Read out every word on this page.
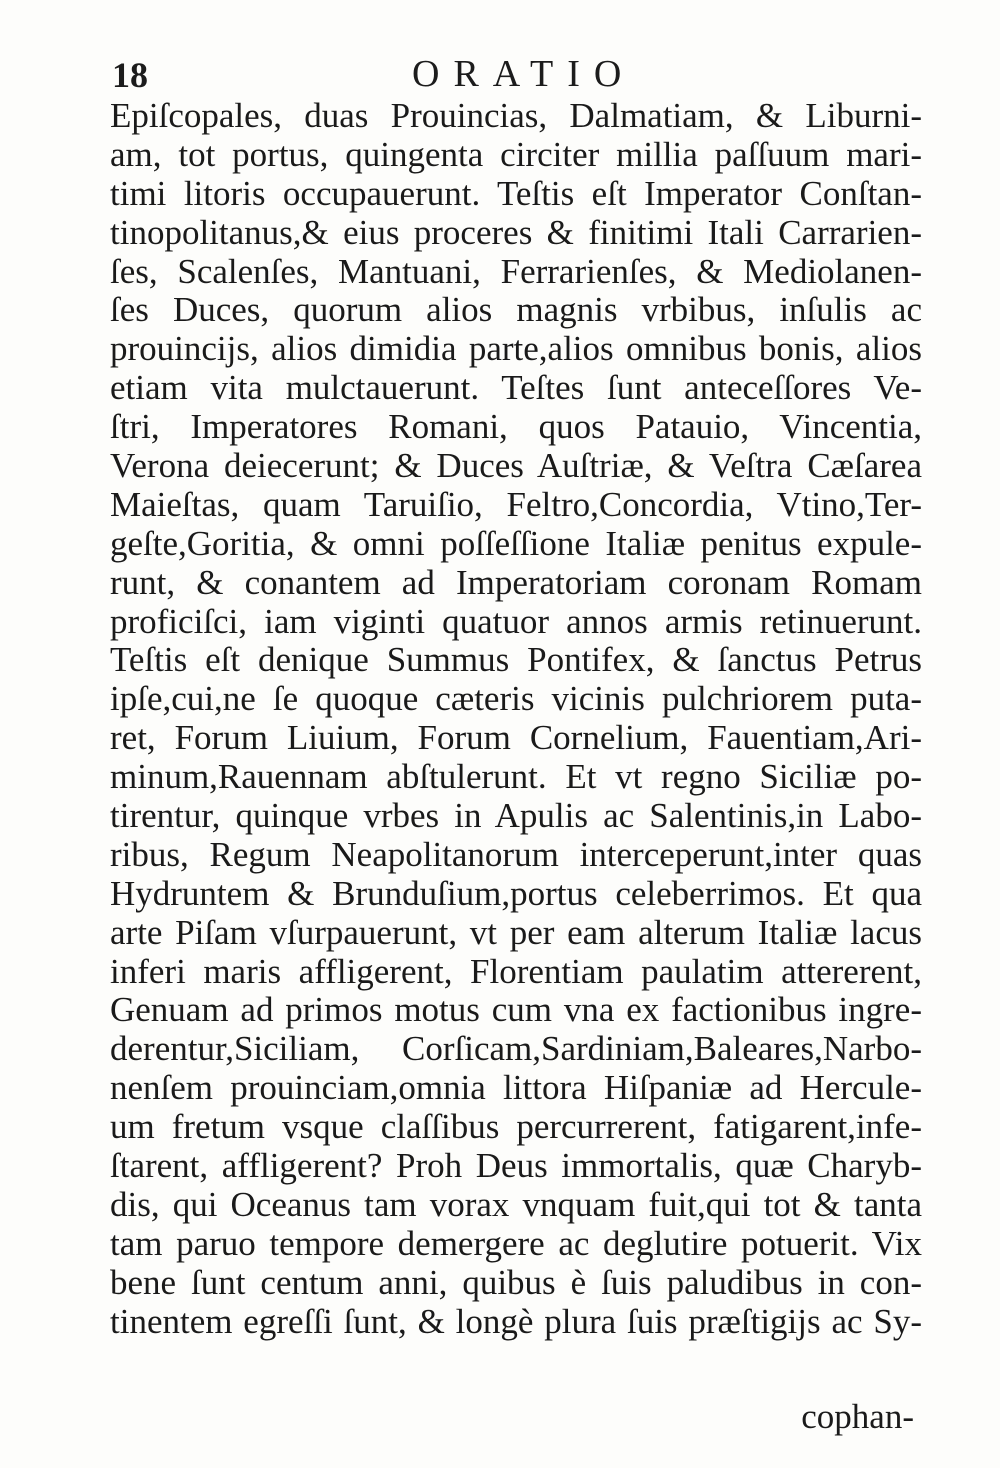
18	ORATIO
Epiſcopales, duas Prouincias, Dalmatiam, & Liburni-
am, tot portus, quingenta circiter millia paſſuum mari-
timi litoris occupauerunt. Teſtis eſt Imperator Conſtan-
tinopolitanus,& eius proceres & finitimi Itali Carrarien-
ſes, Scalenſes, Mantuani, Ferrarienſes, & Mediolanen-
ſes Duces, quorum alios magnis vrbibus, inſulis ac
prouincijs, alios dimidia parte,alios omnibus bonis, alios
etiam vita mulctauerunt. Teſtes ſunt anteceſſores Ve-
ſtri, Imperatores Romani, quos Patauio, Vincentia,
Verona deiecerunt; & Duces Auſtriæ, & Veſtra Cæſarea
Maieſtas, quam Taruiſio, Feltro,Concordia, Vtino,Ter-
geſte,Goritia, & omni poſſeſſione Italiæ penitus expule-
runt, & conantem ad Imperatoriam coronam Romam
proficiſci, iam viginti quatuor annos armis retinuerunt.
Teſtis eſt denique Summus Pontifex, & ſanctus Petrus
ipſe,cui,ne ſe quoque cæteris vicinis pulchriorem puta-
ret, Forum Liuium, Forum Cornelium, Fauentiam,Ari-
minum,Rauennam abſtulerunt. Et vt regno Siciliæ po-
tirentur, quinque vrbes in Apulis ac Salentinis,in Labo-
ribus, Regum Neapolitanorum interceperunt,inter quas
Hydruntem & Brunduſium,portus celeberrimos. Et qua
arte Piſam vſurpauerunt, vt per eam alterum Italiæ lacus
inferi maris affligerent, Florentiam paulatim attererent,
Genuam ad primos motus cum vna ex factionibus ingre-
derentur,Siciliam, Corſicam,Sardiniam,Baleares,Narbo-
nenſem prouinciam,omnia littora Hiſpaniæ ad Hercule-
um fretum vsque claſſibus percurrerent, fatigarent,infe-
ſtarent, affligerent? Proh Deus immortalis, quæ Charyb-
dis, qui Oceanus tam vorax vnquam fuit,qui tot & tanta
tam paruo tempore demergere ac deglutire potuerit. Vix
bene ſunt centum anni, quibus è ſuis paludibus in con-
tinentem egreſſi ſunt, & longè plura ſuis præſtigijs ac Sy-
cophan-
